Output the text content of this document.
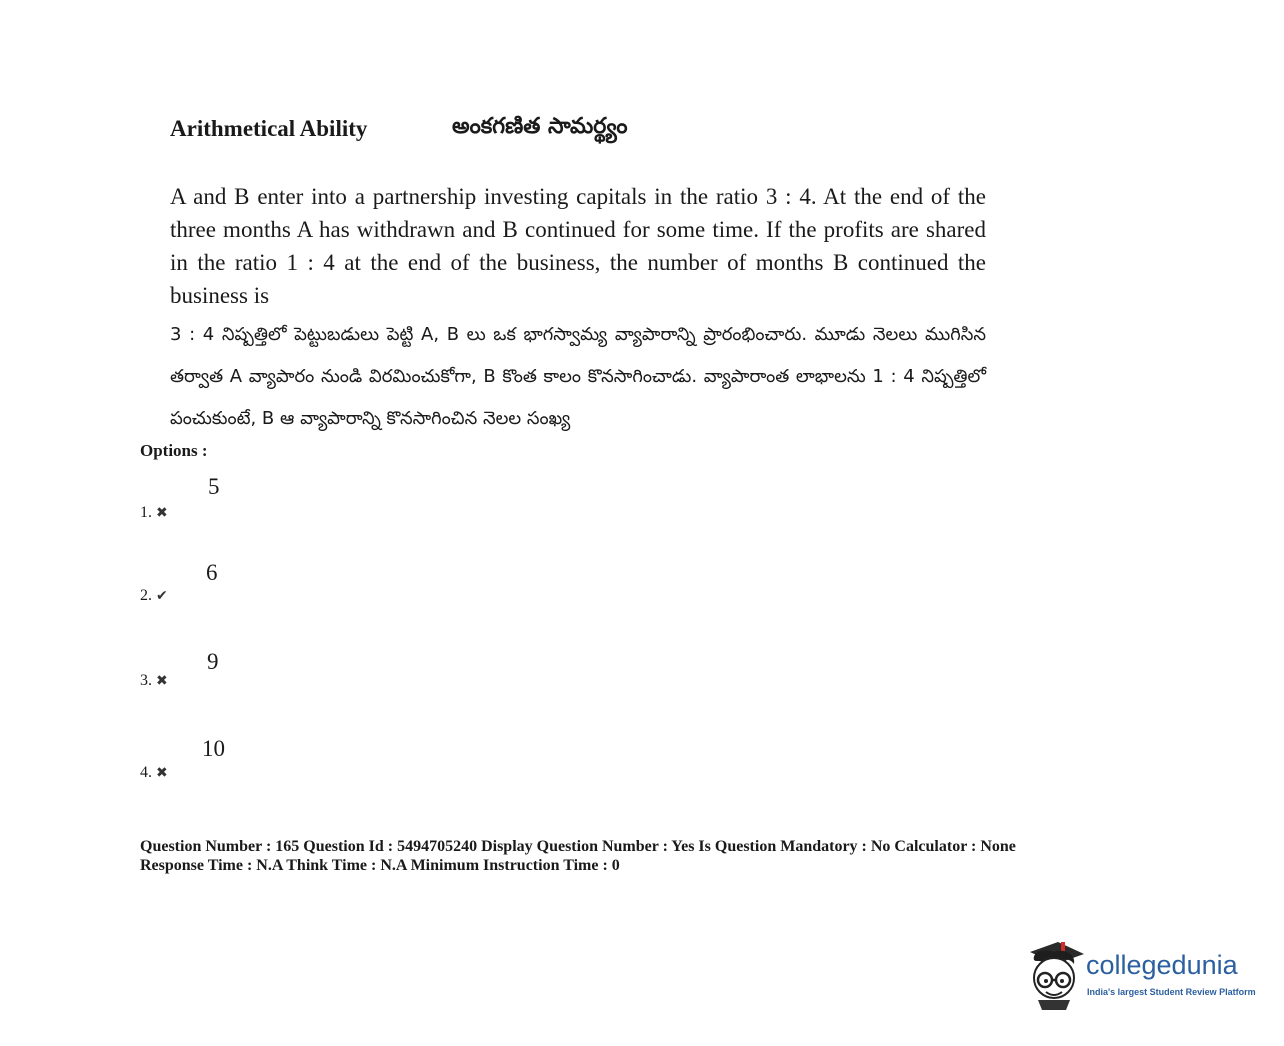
Arithmetical Ability	అంకగణిత సామర్థ్యం
A and B enter into a partnership investing capitals in the ratio 3 : 4. At the end of the three months A has withdrawn and B continued for some time. If the profits are shared in the ratio 1 : 4 at the end of the business, the number of months B continued the business is
3 : 4 నిష్పత్తిలో పెట్టుబడులు పెట్టి A, B లు ఒక భాగస్వామ్య వ్యాపారాన్ని ప్రారంభించారు. మూడు నెలలు ముగిసిన తర్వాత A వ్యాపారం నుండి విరమించుకోగా, B కొంత కాలం కొనసాగించాడు. వ్యాపారాంత లాభాలను 1 : 4 నిష్పత్తిలో పంచుకుంటే, B ఆ వ్యాపారాన్ని కొనసాగించిన నెలల సంఖ్య
Options :
5
1. ✖
6
2. ✔
9
3. ✖
10
4. ✖
Question Number : 165 Question Id : 5494705240 Display Question Number : Yes Is Question Mandatory : No Calculator : None
Response Time : N.A Think Time : N.A Minimum Instruction Time : 0
collegedunia
India's largest Student Review Platform
